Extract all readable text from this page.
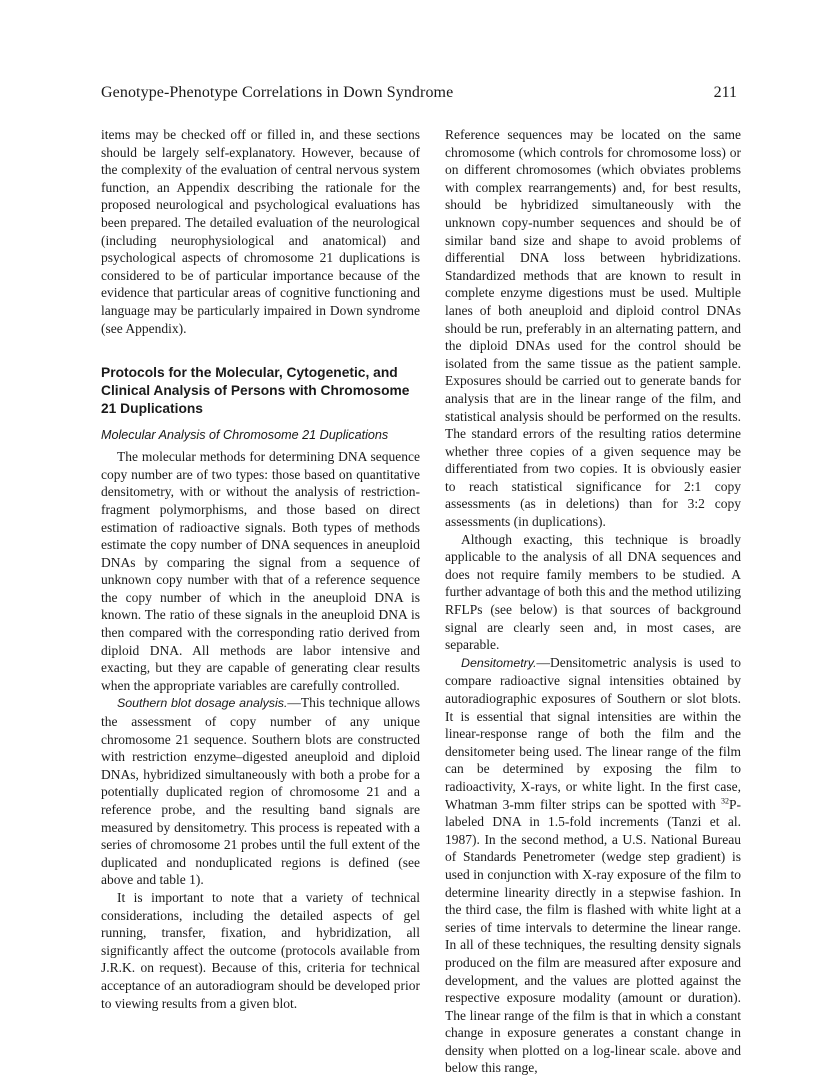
Genotype-Phenotype Correlations in Down Syndrome	211

items may be checked off or filled in, and these sections should be largely self-explanatory. However, because of the complexity of the evaluation of central nervous system function, an Appendix describing the rationale for the proposed neurological and psychological evaluations has been prepared. The detailed evaluation of the neurological (including neurophysiological and anatomical) and psychological aspects of chromosome 21 duplications is considered to be of particular importance because of the evidence that particular areas of cognitive functioning and language may be particularly impaired in Down syndrome (see Appendix).

Protocols for the Molecular, Cytogenetic, and Clinical Analysis of Persons with Chromosome 21 Duplications
Molecular Analysis of Chromosome 21 Duplications

The molecular methods for determining DNA sequence copy number are of two types: those based on quantitative densitometry, with or without the analysis of restriction-fragment polymorphisms, and those based on direct estimation of radioactive signals. Both types of methods estimate the copy number of DNA sequences in aneuploid DNAs by comparing the signal from a sequence of unknown copy number with that of a reference sequence the copy number of which in the aneuploid DNA is known. The ratio of these signals in the aneuploid DNA is then compared with the corresponding ratio derived from diploid DNA. All methods are labor intensive and exacting, but they are capable of generating clear results when the appropriate variables are carefully controlled.

Southern blot dosage analysis.—This technique allows the assessment of copy number of any unique chromosome 21 sequence. Southern blots are constructed with restriction enzyme–digested aneuploid and diploid DNAs, hybridized simultaneously with both a probe for a potentially duplicated region of chromosome 21 and a reference probe, and the resulting band signals are measured by densitometry. This process is repeated with a series of chromosome 21 probes until the full extent of the duplicated and nonduplicated regions is defined (see above and table 1).

It is important to note that a variety of technical considerations, including the detailed aspects of gel running, transfer, fixation, and hybridization, all significantly affect the outcome (protocols available from J.R.K. on request). Because of this, criteria for technical acceptance of an autoradiogram should be developed prior to viewing results from a given blot.

Reference sequences may be located on the same chromosome (which controls for chromosome loss) or on different chromosomes (which obviates problems with complex rearrangements) and, for best results, should be hybridized simultaneously with the unknown copy-number sequences and should be of similar band size and shape to avoid problems of differential DNA loss between hybridizations. Standardized methods that are known to result in complete enzyme digestions must be used. Multiple lanes of both aneuploid and diploid control DNAs should be run, preferably in an alternating pattern, and the diploid DNAs used for the control should be isolated from the same tissue as the patient sample. Exposures should be carried out to generate bands for analysis that are in the linear range of the film, and statistical analysis should be performed on the results. The standard errors of the resulting ratios determine whether three copies of a given sequence may be differentiated from two copies. It is obviously easier to reach statistical significance for 2:1 copy assessments (as in deletions) than for 3:2 copy assessments (in duplications).

Although exacting, this technique is broadly applicable to the analysis of all DNA sequences and does not require family members to be studied. A further advantage of both this and the method utilizing RFLPs (see below) is that sources of background signal are clearly seen and, in most cases, are separable.

Densitometry.—Densitometric analysis is used to compare radioactive signal intensities obtained by autoradiographic exposures of Southern or slot blots. It is essential that signal intensities are within the linear-response range of both the film and the densitometer being used. The linear range of the film can be determined by exposing the film to radioactivity, X-rays, or white light. In the first case, Whatman 3-mm filter strips can be spotted with $^{32}$P-labeled DNA in 1.5-fold increments (Tanzi et al. 1987). In the second method, a U.S. National Bureau of Standards Penetrometer (wedge step gradient) is used in conjunction with X-ray exposure of the film to determine linearity directly in a stepwise fashion. In the third case, the film is flashed with white light at a series of time intervals to determine the linear range. In all of these techniques, the resulting density signals produced on the film are measured after exposure and development, and the values are plotted against the respective exposure modality (amount or duration). The linear range of the film is that in which a constant change in exposure generates a constant change in density when plotted on a log-linear scale. above and below this range,
